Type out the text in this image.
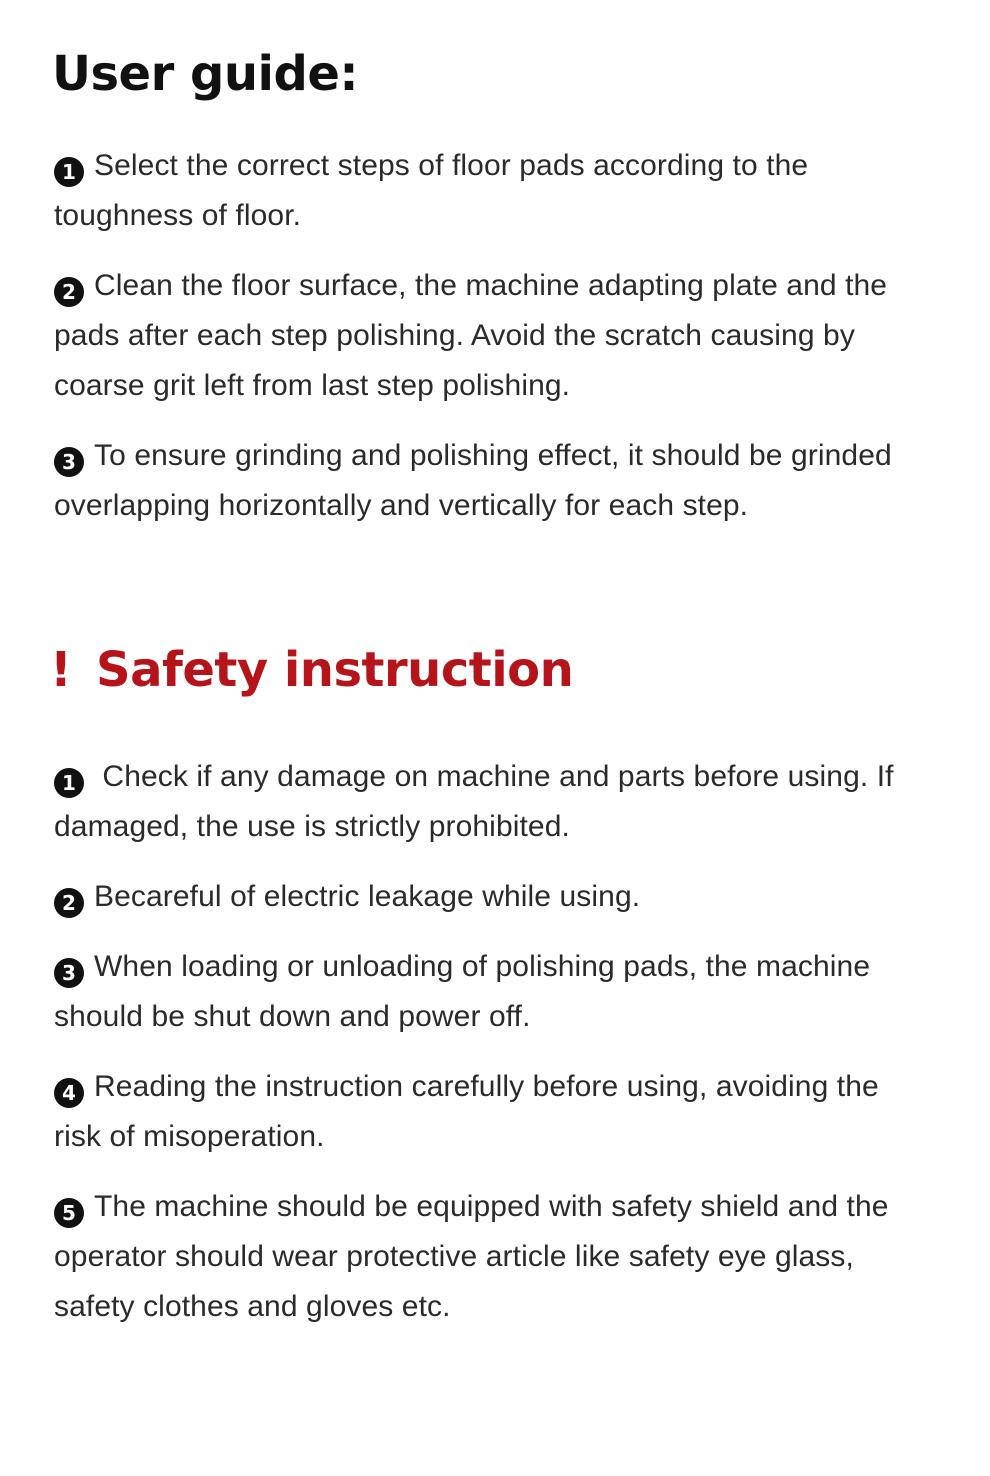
User guide:
1 Select the correct steps of floor pads according to the toughness of floor.
2 Clean the floor surface, the machine adapting plate and the pads after each step polishing. Avoid the scratch causing by coarse grit left from last step polishing.
3 To ensure grinding and polishing effect, it should be grinded overlapping horizontally and vertically for each step.
! Safety instruction
1 Check if any damage on machine and parts before using. If damaged, the use is strictly prohibited.
2 Becareful of electric leakage while using.
3 When loading or unloading of polishing pads, the machine should be shut down and power off.
4 Reading the instruction carefully before using, avoiding the risk of misoperation.
5 The machine should be equipped with safety shield and the operator should wear protective article like safety eye glass, safety clothes and gloves etc.
